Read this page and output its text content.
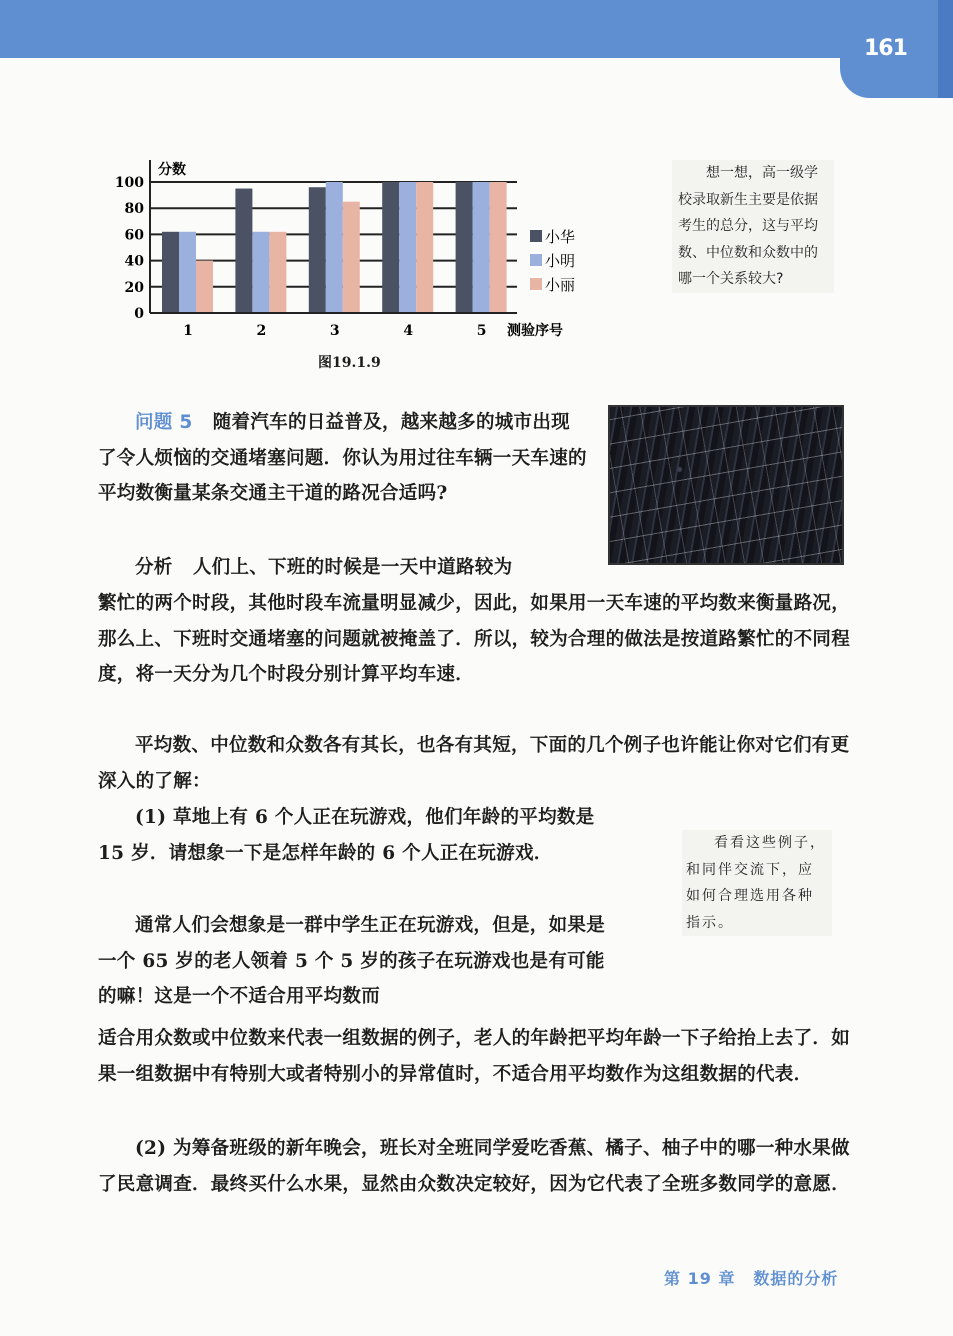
161
1	2	3	4	5
0
20
40
60
80
100
分数
测验序号
小华
小明
小丽
图19.1.9
想一想，高一级学校录取新生主要是依据考生的总分，这与平均数、中位数和众数中的哪一个关系较大?
问题 5 随着汽车的日益普及，越来越多的城市出现了令人烦恼的交通堵塞问题．你认为用过往车辆一天车速的平均数衡量某条交通主干道的路况合适吗?
分析 人们上、下班的时候是一天中道路较为
繁忙的两个时段，其他时段车流量明显减少，因此，如果用一天车速的平均数来衡量路况，那么上、下班时交通堵塞的问题就被掩盖了．所以，较为合理的做法是按道路繁忙的不同程度，将一天分为几个时段分别计算平均车速．
平均数、中位数和众数各有其长，也各有其短，下面的几个例子也许能让你对它们有更深入的了解：
(1) 草地上有 6 个人正在玩游戏，他们年龄的平均数是 15 岁．请想象一下是怎样年龄的 6 个人正在玩游戏．	看看这些例子，和同伴交流下，应如何合理选用各种指示。
通常人们会想象是一群中学生正在玩游戏，但是，如果是一个 65 岁的老人领着 5 个 5 岁的孩子在玩游戏也是有可能的嘛！这是一个不适合用平均数而
适合用众数或中位数来代表一组数据的例子，老人的年龄把平均年龄一下子给抬上去了．如果一组数据中有特别大或者特别小的异常值时，不适合用平均数作为这组数据的代表．
(2) 为筹备班级的新年晚会，班长对全班同学爱吃香蕉、橘子、柚子中的哪一种水果做了民意调查．最终买什么水果，显然由众数决定较好，因为它代表了全班多数同学的意愿．
第 19 章 数据的分析
